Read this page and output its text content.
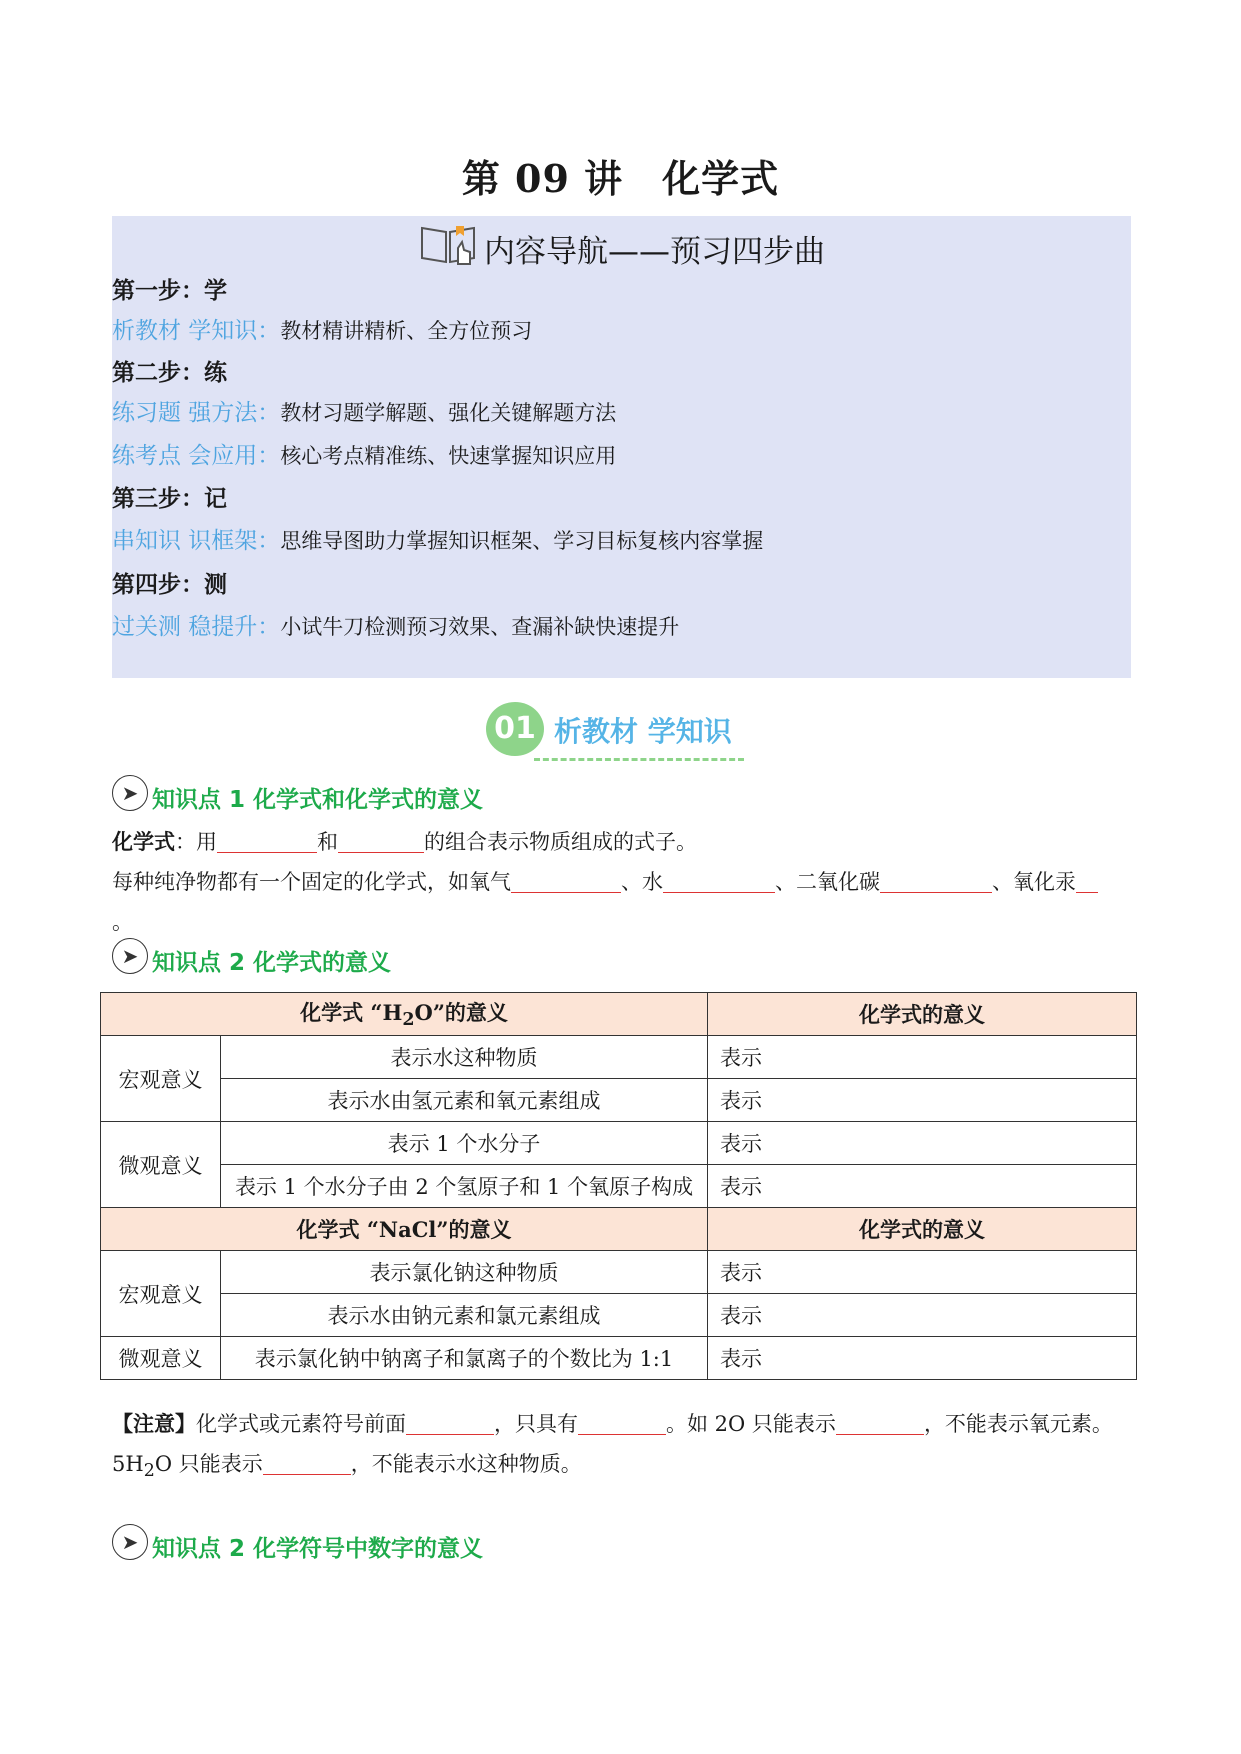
第 09 讲　化学式
内容导航——预习四步曲
第一步：学
析教材 学知识：教材精讲精析、全方位预习
第二步：练
练习题 强方法：教材习题学解题、强化关键解题方法
练考点 会应用：核心考点精准练、快速掌握知识应用
第三步：记
串知识 识框架：思维导图助力掌握知识框架、学习目标复核内容掌握
第四步：测
过关测 稳提升：小试牛刀检测预习效果、查漏补缺快速提升
01 析教材 学知识
➤ 知识点 1 化学式和化学式的意义
化学式：用	和	的组合表示物质组成的式子。
每种纯净物都有一个固定的化学式，如氧气	、水	、二氧化碳	、氧化汞
。
➤ 知识点 2 化学式的意义
化学式 “$H_2O$”的意义		化学式的意义
宏观意义	表示水这种物质	表示
	表示水由氢元素和氧元素组成	表示
微观意义	表示 1 个水分子	表示
	表示 1 个水分子由 2 个氢原子和 1 个氧原子构成	表示
化学式 “NaCl”的意义		化学式的意义
宏观意义	表示氯化钠这种物质	表示
	表示水由钠元素和氯元素组成	表示
微观意义	表示氯化钠中钠离子和氯离子的个数比为 1:1	表示
【注意】化学式或元素符号前面	，只具有	。如 2O 只能表示	，不能表示氧元素。
$5H_2O$ 只能表示	，不能表示水这种物质。
➤ 知识点 2 化学符号中数字的意义
